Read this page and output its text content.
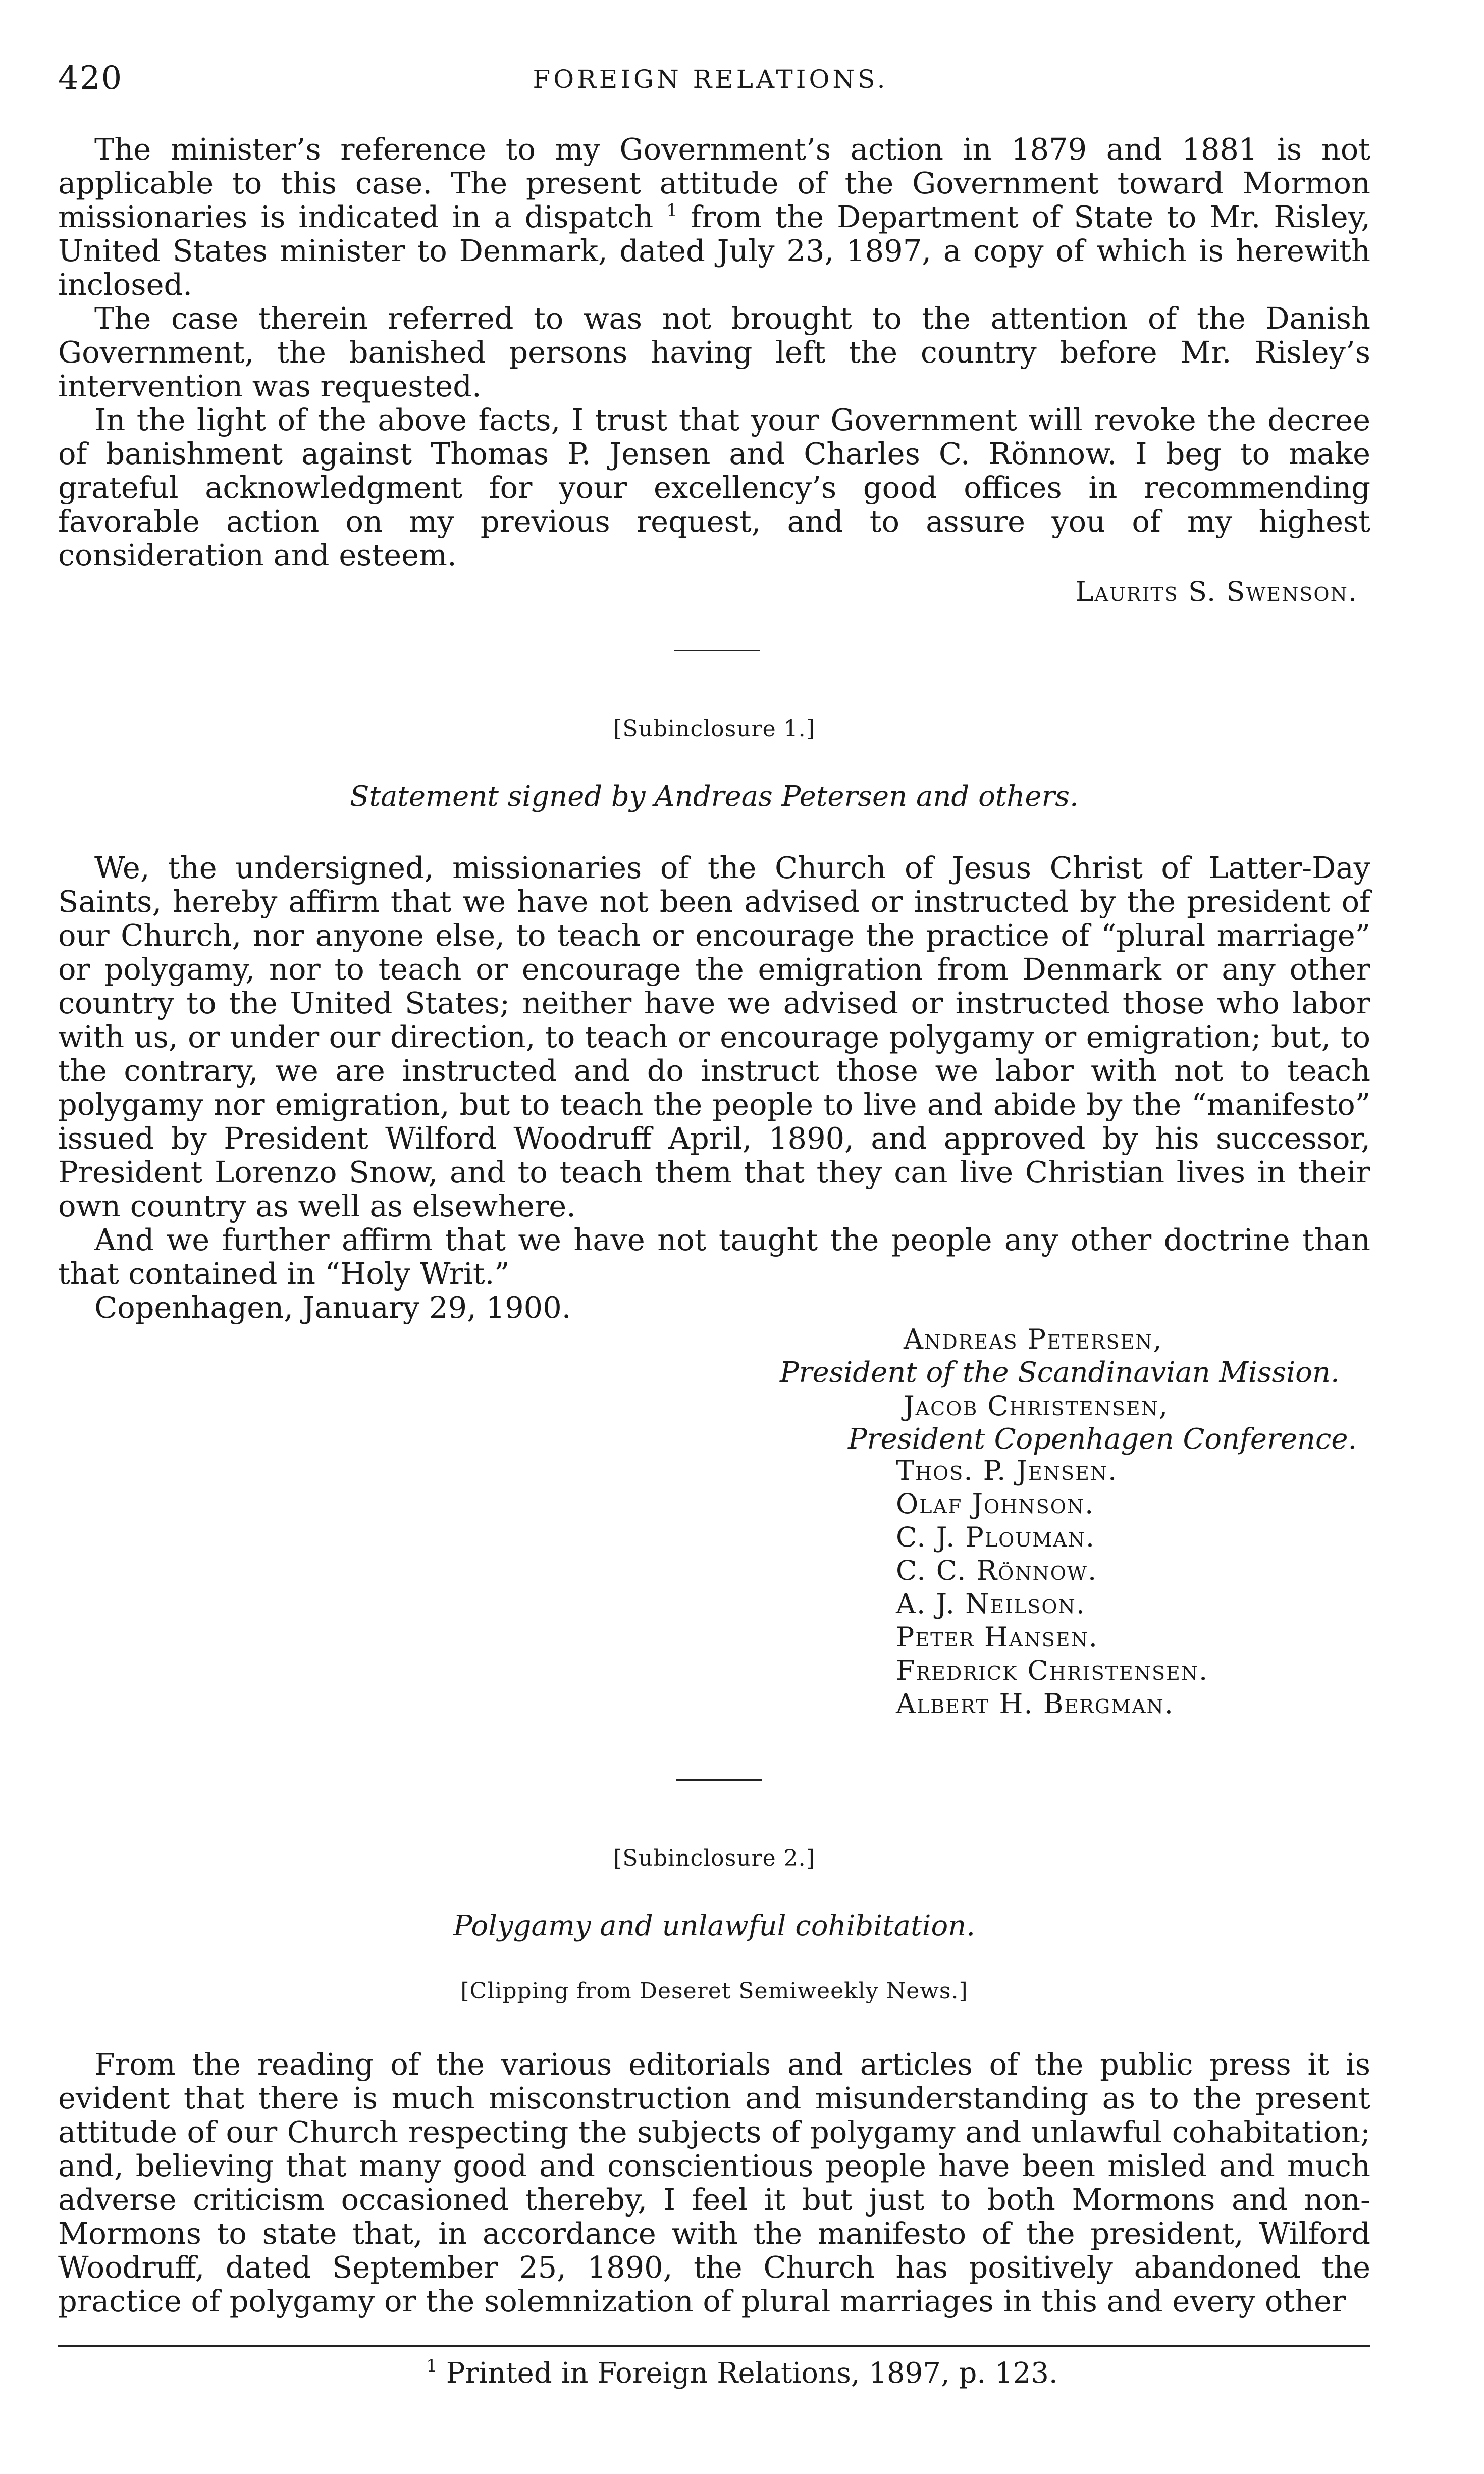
420	FOREIGN RELATIONS.

The minister’s reference to my Government’s action in 1879 and 1881 is not applicable to this case. The present attitude of the Government toward Mormon missionaries is indicated in a dispatch $^1$ from the Department of State to Mr. Risley, United States minister to Denmark, dated July 23, 1897, a copy of which is herewith inclosed.

The case therein referred to was not brought to the attention of the Danish Government, the banished persons having left the country before Mr. Risley’s intervention was requested.

In the light of the above facts, I trust that your Government will revoke the decree of banishment against Thomas P. Jensen and Charles C. Rönnow. I beg to make grateful acknowledgment for your excellency’s good offices in recommending favorable action on my previous request, and to assure you of my highest consideration and esteem.

Laurits S. Swenson.
[Subinclosure 1.]
Statement signed by Andreas Petersen and others.

We, the undersigned, missionaries of the Church of Jesus Christ of Latter-Day Saints, hereby affirm that we have not been advised or instructed by the president of our Church, nor anyone else, to teach or encourage the practice of “plural marriage” or polygamy, nor to teach or encourage the emigration from Denmark or any other country to the United States; neither have we advised or instructed those who labor with us, or under our direction, to teach or encourage polygamy or emigration; but, to the contrary, we are instructed and do instruct those we labor with not to teach polygamy nor emigration, but to teach the people to live and abide by the “manifesto” issued by President Wilford Woodruff April, 1890, and approved by his successor, President Lorenzo Snow, and to teach them that they can live Christian lives in their own country as well as elsewhere.

And we further affirm that we have not taught the people any other doctrine than that contained in “Holy Writ.”

Copenhagen, January 29, 1900.

Andreas Petersen,
President of the Scandinavian Mission.
Jacob Christensen,
President Copenhagen Conference.
Thos. P. Jensen.
Olaf Johnson.
C. J. Plouman.
C. C. Rönnow.
A. J. Neilson.
Peter Hansen.
Fredrick Christensen.
Albert H. Bergman.
[Subinclosure 2.]
Polygamy and unlawful cohibitation.
[Clipping from Deseret Semiweekly News.]

From the reading of the various editorials and articles of the public press it is evident that there is much misconstruction and misunderstanding as to the present attitude of our Church respecting the subjects of polygamy and unlawful cohabitation; and, believing that many good and conscientious people have been misled and much adverse criticism occasioned thereby, I feel it but just to both Mormons and non-Mormons to state that, in accordance with the manifesto of the president, Wilford Woodruff, dated September 25, 1890, the Church has positively abandoned the practice of polygamy or the solemnization of plural marriages in this and every other

$^1$ Printed in Foreign Relations, 1897, p. 123.
